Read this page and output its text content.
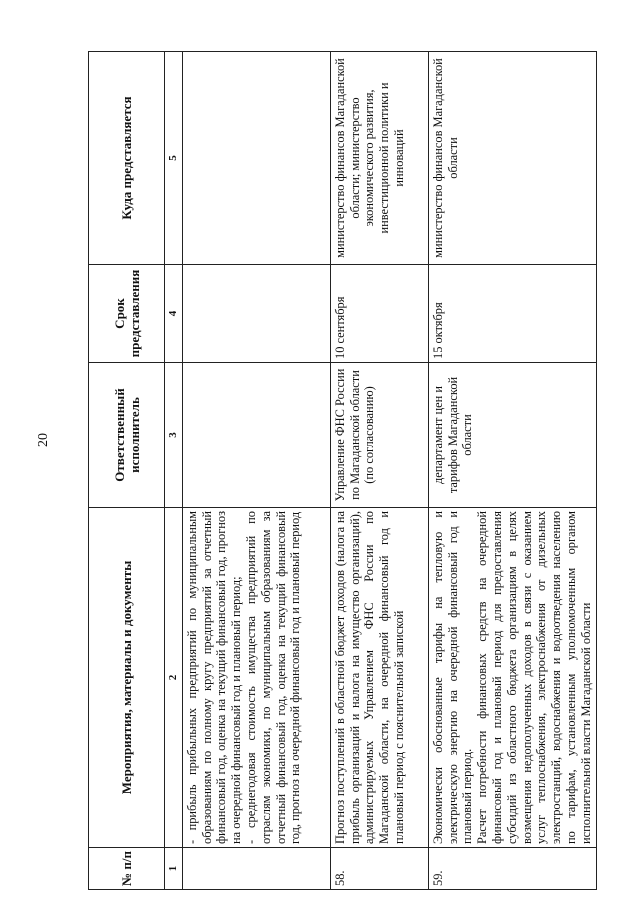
20
№ п/п	Мероприятия, материалы и документы	Ответственный исполнитель	Срок представления	Куда представляется
1	2	3	4	5

	- прибыль прибыльных предприятий по муниципальным образованиям по полному кругу предприятий за отчетный финансовый год, оценка на текущий финансовый год, прогноз на очередной финансовый год и плановый период; - среднегодовая стоимость имущества предприятий по отраслям экономики, по муниципальным образованиям за отчетный финансовый год, оценка на текущий финансовый год, прогноз на очередной финансовый год и плановый период			

58.	Прогноз поступлений в областной бюджет доходов (налога на прибыль организаций и налога на имущество организаций), администрируемых Управлением ФНС России по Магаданской области, на очередной финансовый год и плановый период с пояснительной запиской	Управление ФНС России по Магаданской области (по согласованию)	10 сентября	министерство финансов Магаданской области; министерство экономического развития, инвестиционной политики и инноваций
59.	Экономически обоснованные тарифы на тепловую и электрическую энергию на очередной финансовый год и плановый период. Расчет потребности финансовых средств на очередной финансовый год и плановый период для предоставления субсидий из областного бюджета организациям в целях возмещения недополученных доходов в связи с оказанием услуг теплоснабжения, электроснабжения от дизельных электростанций, водоснабжения и водоотведения населению по тарифам, установленным уполномоченным органом исполнительной власти Магаданской области	департамент цен и тарифов Магаданской области	15 октября	министерство финансов Магаданской области
